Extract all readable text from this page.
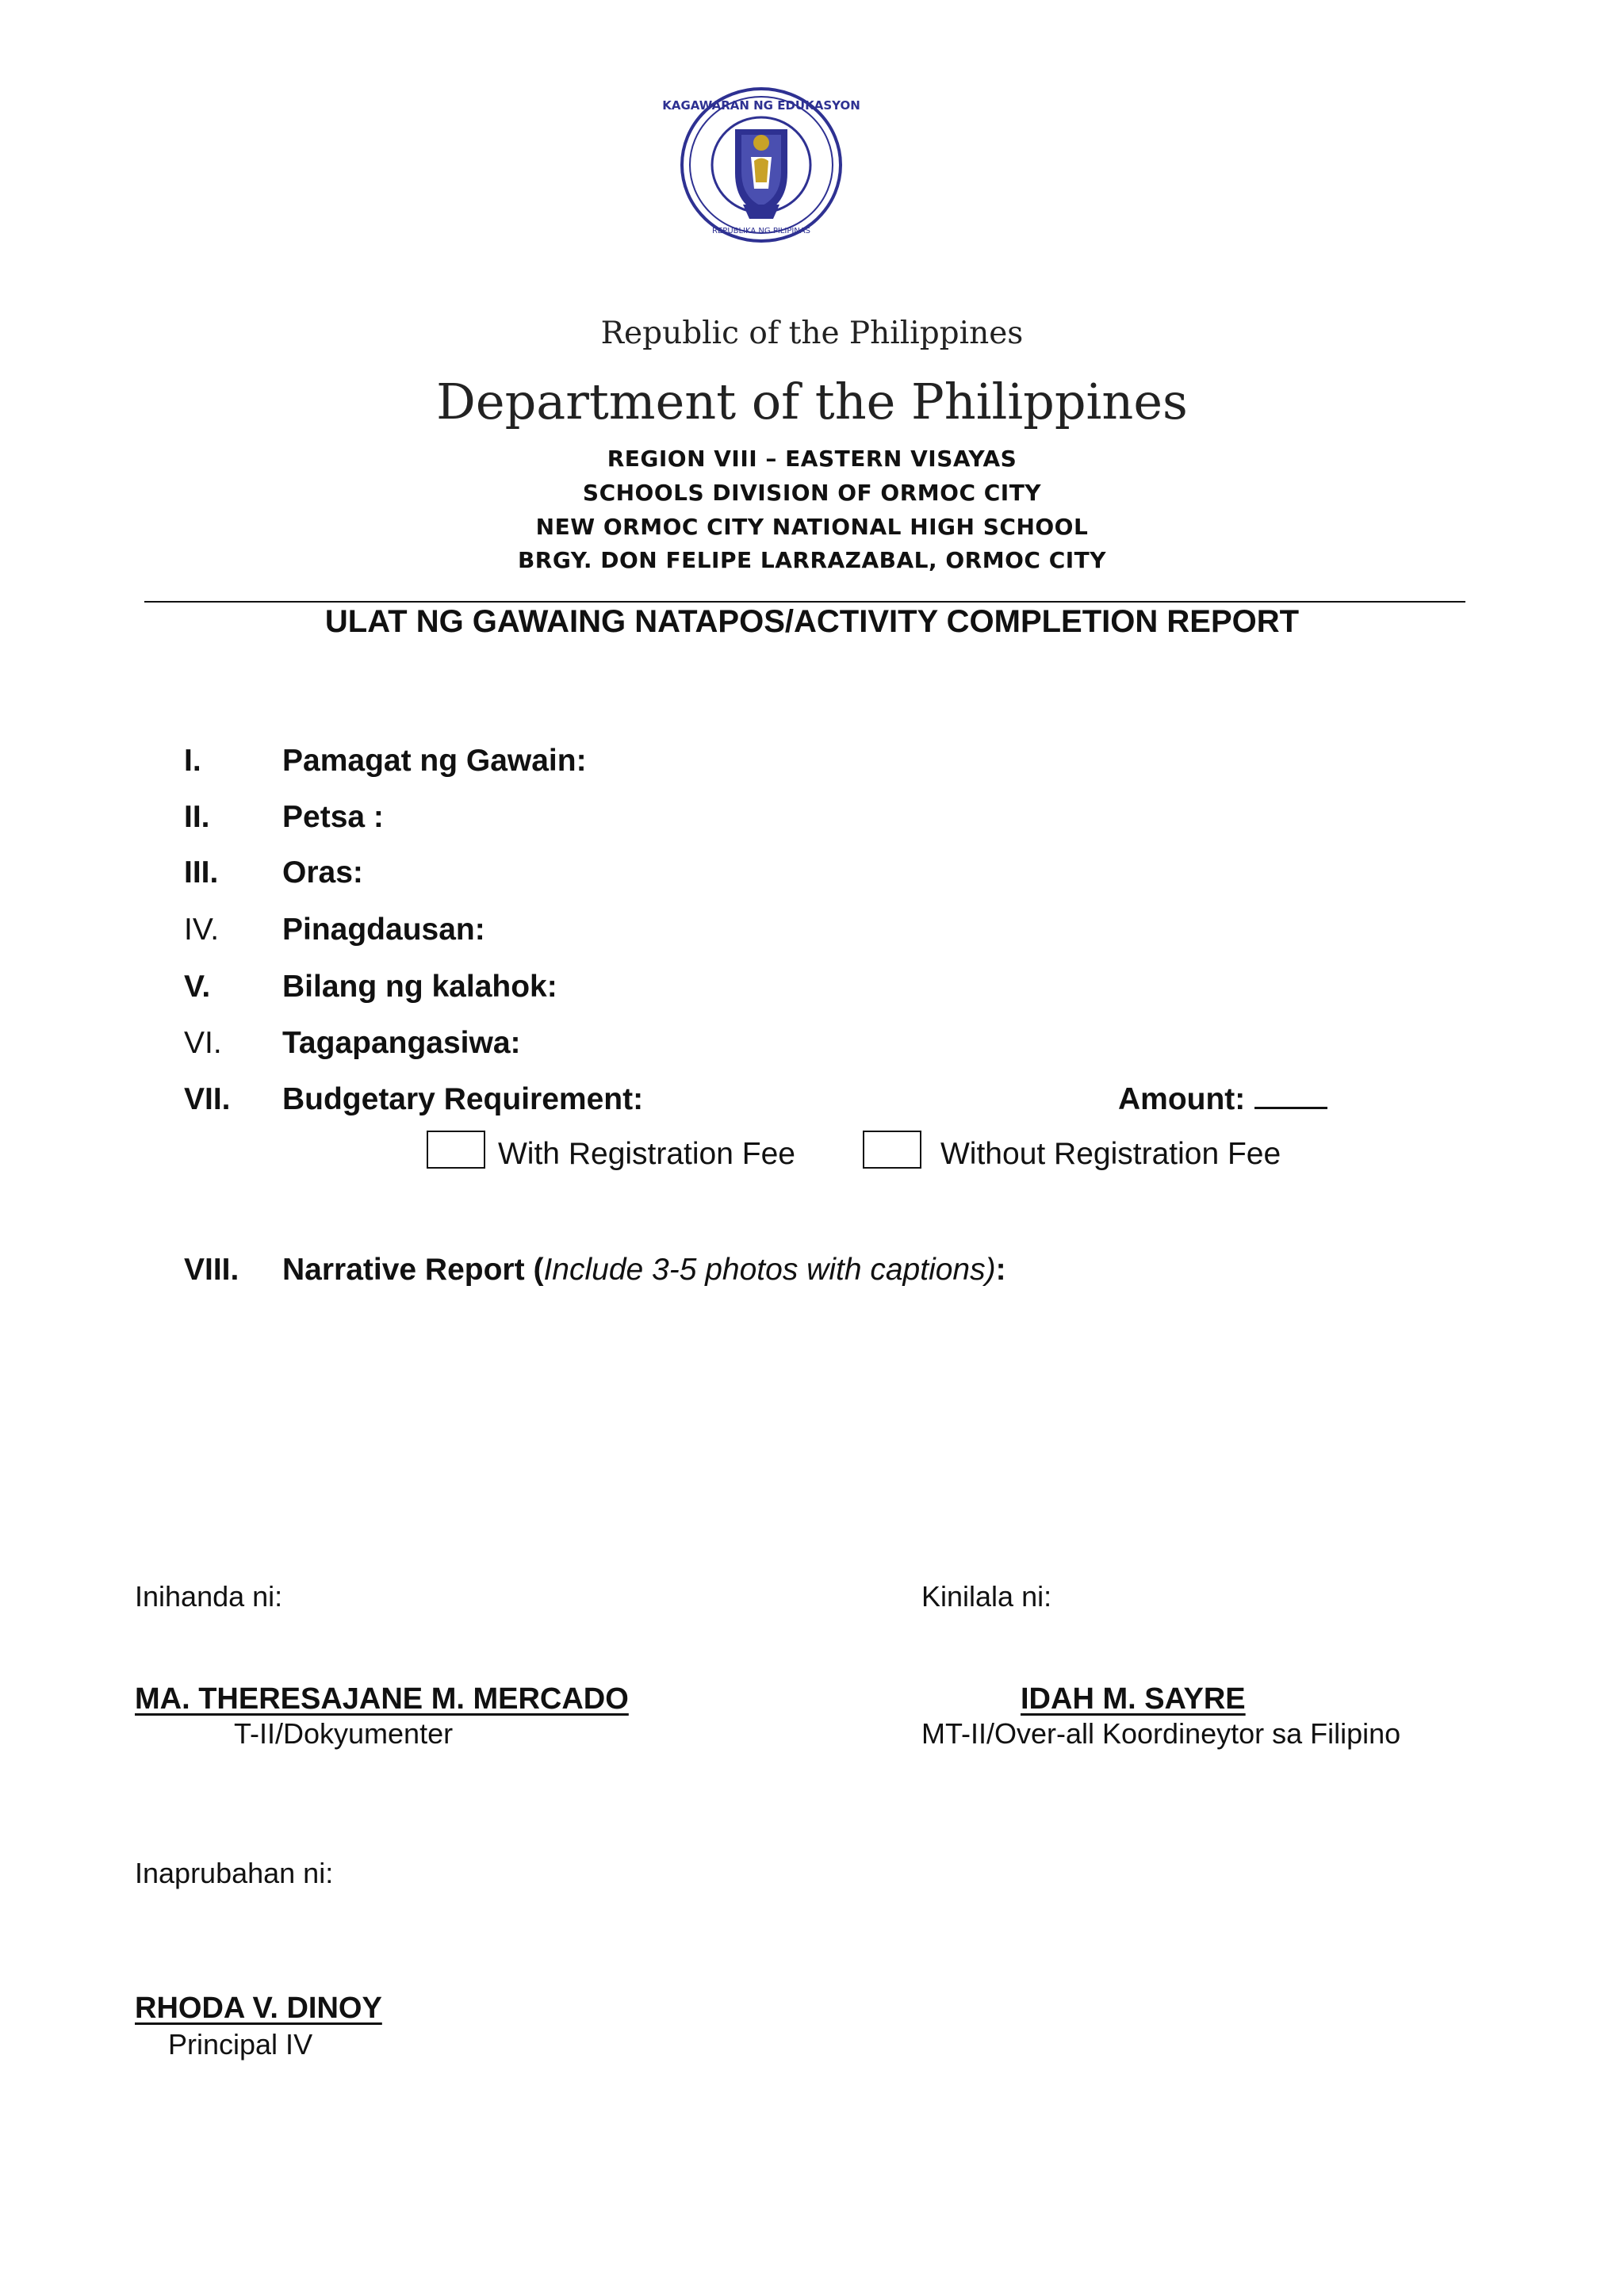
KAGAWARAN NG EDUKASYON
REPUBLIKA NG PILIPINAS
Republic of the Philippines
Department of the Philippines
REGION VIII – EASTERN VISAYAS
SCHOOLS DIVISION OF ORMOC CITY
NEW ORMOC CITY NATIONAL HIGH SCHOOL
BRGY. DON FELIPE LARRAZABAL, ORMOC CITY
ULAT NG GAWAING NATAPOS/ACTIVITY COMPLETION REPORT
I.	Pamagat ng Gawain:
II. Petsa :
III. Oras:
IV. Pinagdausan:
V. Bilang ng kalahok:
VI. Tagapangasiwa:
VII. Budgetary Requirement:	Amount:
With Registration Fee	Without Registration Fee
VIII. Narrative Report (Include 3-5 photos with captions):
Inihanda ni:	Kinilala ni:
MA. THERESAJANE M. MERCADO
T-II/Dokyumenter
IDAH M. SAYRE
MT-II/Over-all Koordineytor sa Filipino
Inaprubahan ni:
RHODA V. DINOY
Principal IV
